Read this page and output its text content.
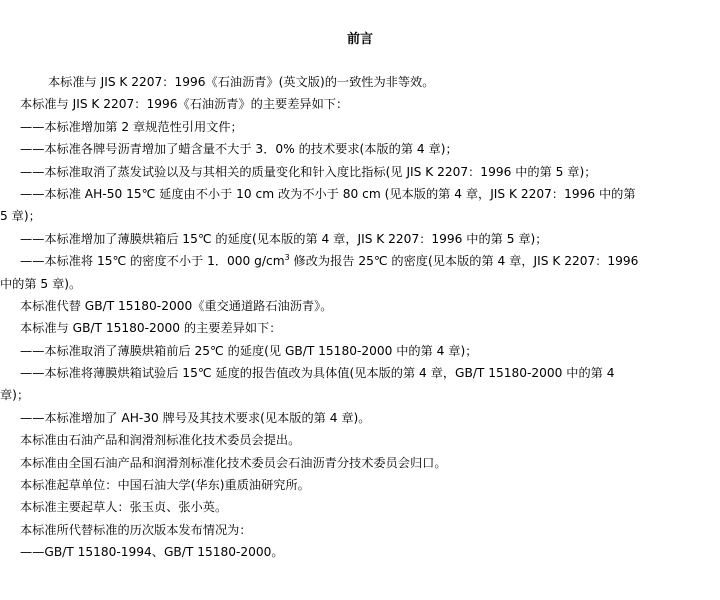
前言
本标准与 JIS K 2207：1996《石油沥青》(英文版)的一致性为非等效。
本标准与 JIS K 2207：1996《石油沥青》的主要差异如下：
——本标准增加第 2 章规范性引用文件；
——本标准各牌号沥青增加了蜡含量不大于 3．0% 的技术要求(本版的第 4 章)；
——本标准取消了蒸发试验以及与其相关的质量变化和针入度比指标(见 JIS K 2207：1996 中的第 5 章)；
——本标准 AH-50 15℃ 延度由不小于 10 cm 改为不小于 80 cm (见本版的第 4 章，JIS K 2207：1996 中的第
5 章)；
——本标准增加了薄膜烘箱后 15℃ 的延度(见本版的第 4 章，JIS K 2207：1996 中的第 5 章)；
——本标准将 15℃ 的密度不小于 1．000 $g/cm^3$ 修改为报告 25℃ 的密度(见本版的第 4 章，JIS K 2207：1996
中的第 5 章)。
本标准代替 GB/T 15180-2000《重交通道路石油沥青》。
本标准与 GB/T 15180-2000 的主要差异如下：
——本标准取消了薄膜烘箱前后 25℃ 的延度(见 GB/T 15180-2000 中的第 4 章)；
——本标准将薄膜烘箱试验后 15℃ 延度的报告值改为具体值(见本版的第 4 章，GB/T 15180-2000 中的第 4
章)；
——本标准增加了 AH-30 牌号及其技术要求(见本版的第 4 章)。
本标准由石油产品和润滑剂标准化技术委员会提出。
本标准由全国石油产品和润滑剂标准化技术委员会石油沥青分技术委员会归口。
本标准起草单位：中国石油大学(华东)重质油研究所。
本标准主要起草人：张玉贞、张小英。
本标准所代替标准的历次版本发布情况为：
——GB/T 15180-1994、GB/T 15180-2000。
